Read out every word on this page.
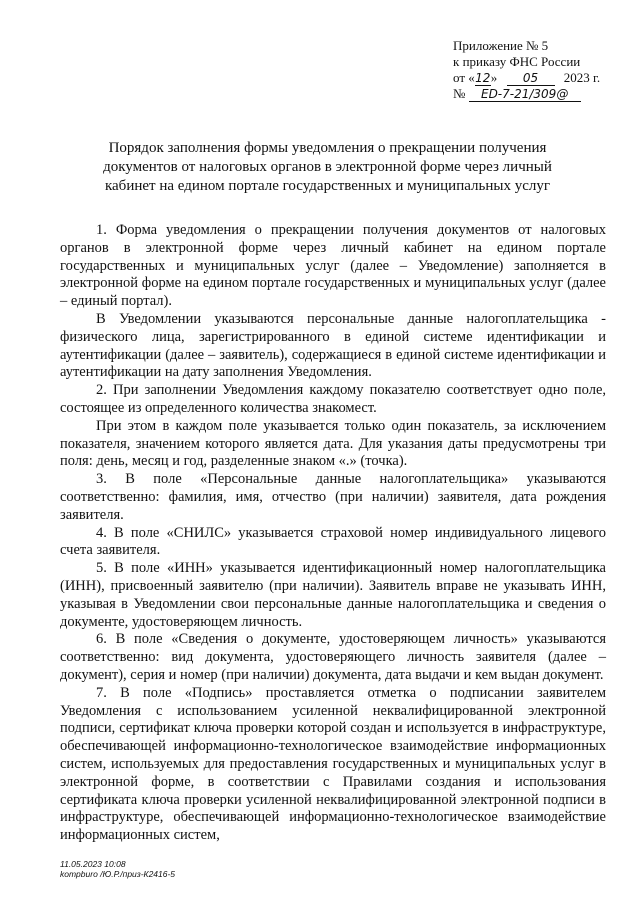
Приложение № 5
к приказу ФНС России
от «12» 05 2023 г.
№ ED-7-21/309@
Порядок заполнения формы уведомления о прекращении получения документов от налоговых органов в электронной форме через личный кабинет на едином портале государственных и муниципальных услуг

1. Форма уведомления о прекращении получения документов от налоговых органов в электронной форме через личный кабинет на едином портале государственных и муниципальных услуг (далее – Уведомление) заполняется в электронной форме на едином портале государственных и муниципальных услуг (далее – единый портал).

В Уведомлении указываются персональные данные налогоплательщика - физического лица, зарегистрированного в единой системе идентификации и аутентификации (далее – заявитель), содержащиеся в единой системе идентификации и аутентификации на дату заполнения Уведомления.

2. При заполнении Уведомления каждому показателю соответствует одно поле, состоящее из определенного количества знакомест.

При этом в каждом поле указывается только один показатель, за исключением показателя, значением которого является дата. Для указания даты предусмотрены три поля: день, месяц и год, разделенные знаком «.» (точка).

3. В поле «Персональные данные налогоплательщика» указываются соответственно: фамилия, имя, отчество (при наличии) заявителя, дата рождения заявителя.

4. В поле «СНИЛС» указывается страховой номер индивидуального лицевого счета заявителя.

5. В поле «ИНН» указывается идентификационный номер налогоплательщика (ИНН), присвоенный заявителю (при наличии). Заявитель вправе не указывать ИНН, указывая в Уведомлении свои персональные данные налогоплательщика и сведения о документе, удостоверяющем личность.

6. В поле «Сведения о документе, удостоверяющем личность» указываются соответственно: вид документа, удостоверяющего личность заявителя (далее – документ), серия и номер (при наличии) документа, дата выдачи и кем выдан документ.

7. В поле «Подпись» проставляется отметка о подписании заявителем Уведомления с использованием усиленной неквалифицированной электронной подписи, сертификат ключа проверки которой создан и используется в инфраструктуре, обеспечивающей информационно-технологическое взаимодействие информационных систем, используемых для предоставления государственных и муниципальных услуг в электронной форме, в соответствии с Правилами создания и использования сертификата ключа проверки усиленной неквалифицированной электронной подписи в инфраструктуре, обеспечивающей информационно-технологическое взаимодействие информационных систем,

11.05.2023 10:08
kompburo /Ю.Р./приз-К2416-5
